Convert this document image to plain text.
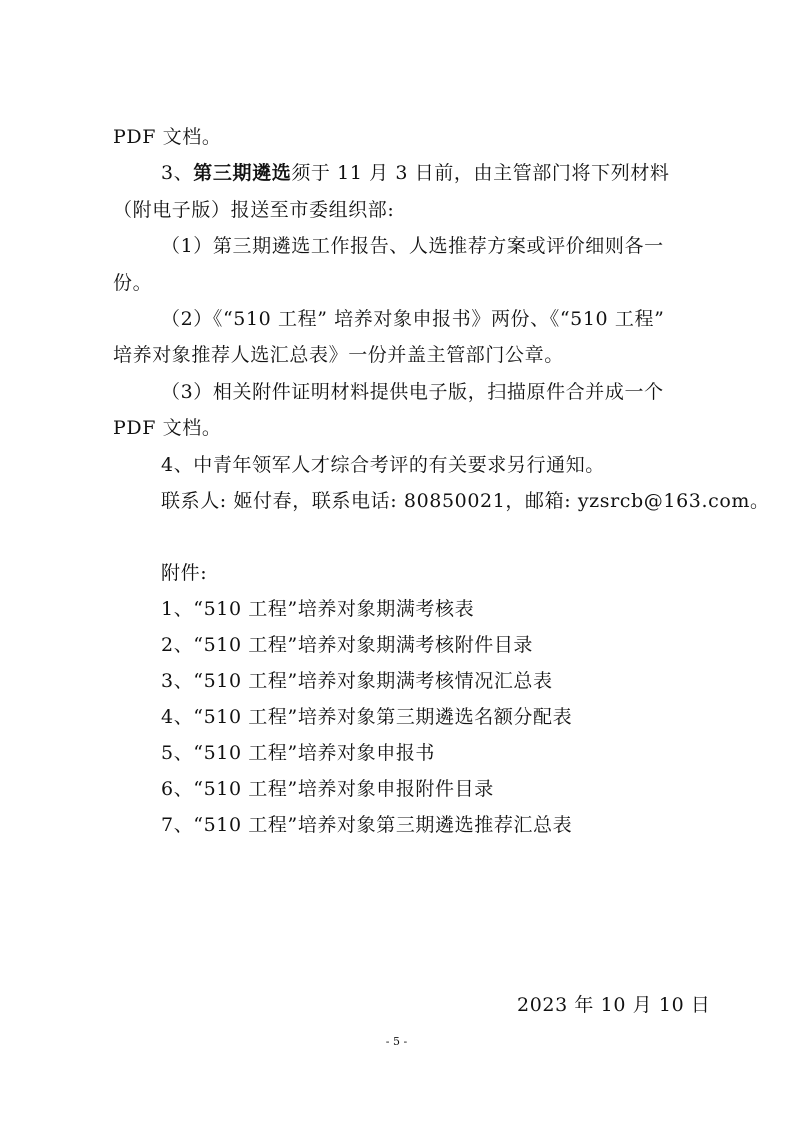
PDF 文档。
3、第三期遴选须于 11 月 3 日前，由主管部门将下列材料
（附电子版）报送至市委组织部:
（1）第三期遴选工作报告、人选推荐方案或评价细则各一
份。
（2）《“510 工程” 培养对象申报书》两份、《“510 工程”
培养对象推荐人选汇总表》一份并盖主管部门公章。
（3）相关附件证明材料提供电子版，扫描原件合并成一个
PDF 文档。
4、中青年领军人才综合考评的有关要求另行通知。
联系人: 姬付春，联系电话: 80850021，邮箱: yzsrcb@163.com。
附件:
1、“510 工程”培养对象期满考核表
2、“510 工程”培养对象期满考核附件目录
3、“510 工程”培养对象期满考核情况汇总表
4、“510 工程”培养对象第三期遴选名额分配表
5、“510 工程”培养对象申报书
6、“510 工程”培养对象申报附件目录
7、“510 工程”培养对象第三期遴选推荐汇总表
2023 年 10 月 10 日
- 5 -
